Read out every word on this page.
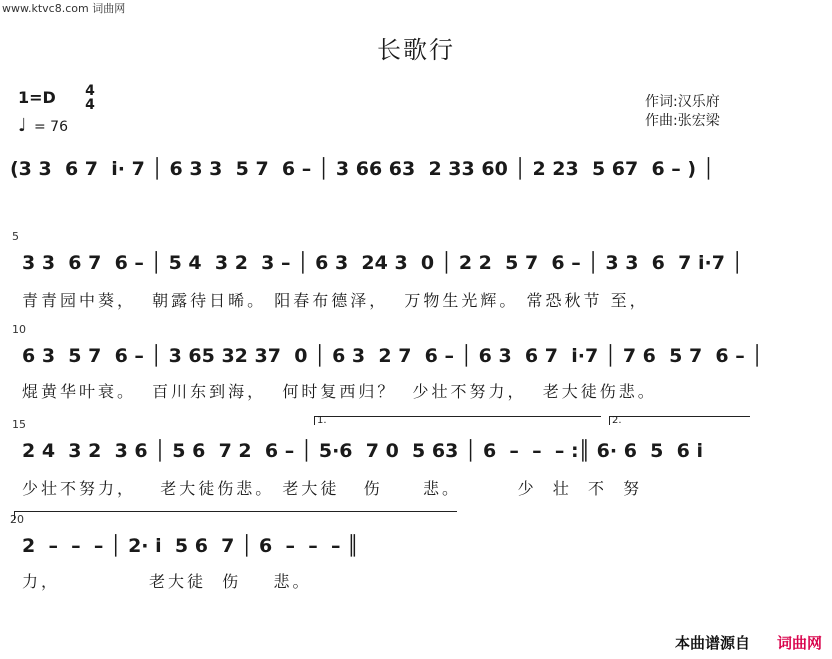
www.ktvc8.com 词曲网
长歌行
1=D 4
4
♩ = 76
作词:汉乐府
作曲:张宏梁
(3 3  6 7  i· 7 │ 6 3 3  5 7  6 – │ 3 66 63  2 33 60 │ 2 23  5 67  6 – ) │
5
3 3  6 7  6 – │ 5 4  3 2  3 – │ 6 3  24 3  0 │ 2 2  5 7  6 – │ 3 3  6  7 i·7 │
青青园中葵，  朝露待日晞。 阳春布德泽，  万物生光辉。 常恐秋节 至，
10
6 3  5 7  6 – │ 3 65 32 37  0 │ 6 3  2 7  6 – │ 6 3  6 7  i·7 │ 7 6  5 7  6 – │
焜黄华叶衰。  百川东到海，  何时复西归？  少壮不努力，  老大徒伤悲。
15	1.	2.
2 4  3 2  3 6 │ 5 6  7 2  6 – │ 5·6  7 0  5 63 │ 6  –  –  – :║ 6· 6  5  6 i
少壮不努力，   老大徒伤悲。 老大徒   伤     悲。       少  壮  不  努
20
2  –  –  – │ 2· i  5 6  7 │ 6  –  –  – ║
力，           老大徒  伤    悲。
本曲谱源自 词曲网
